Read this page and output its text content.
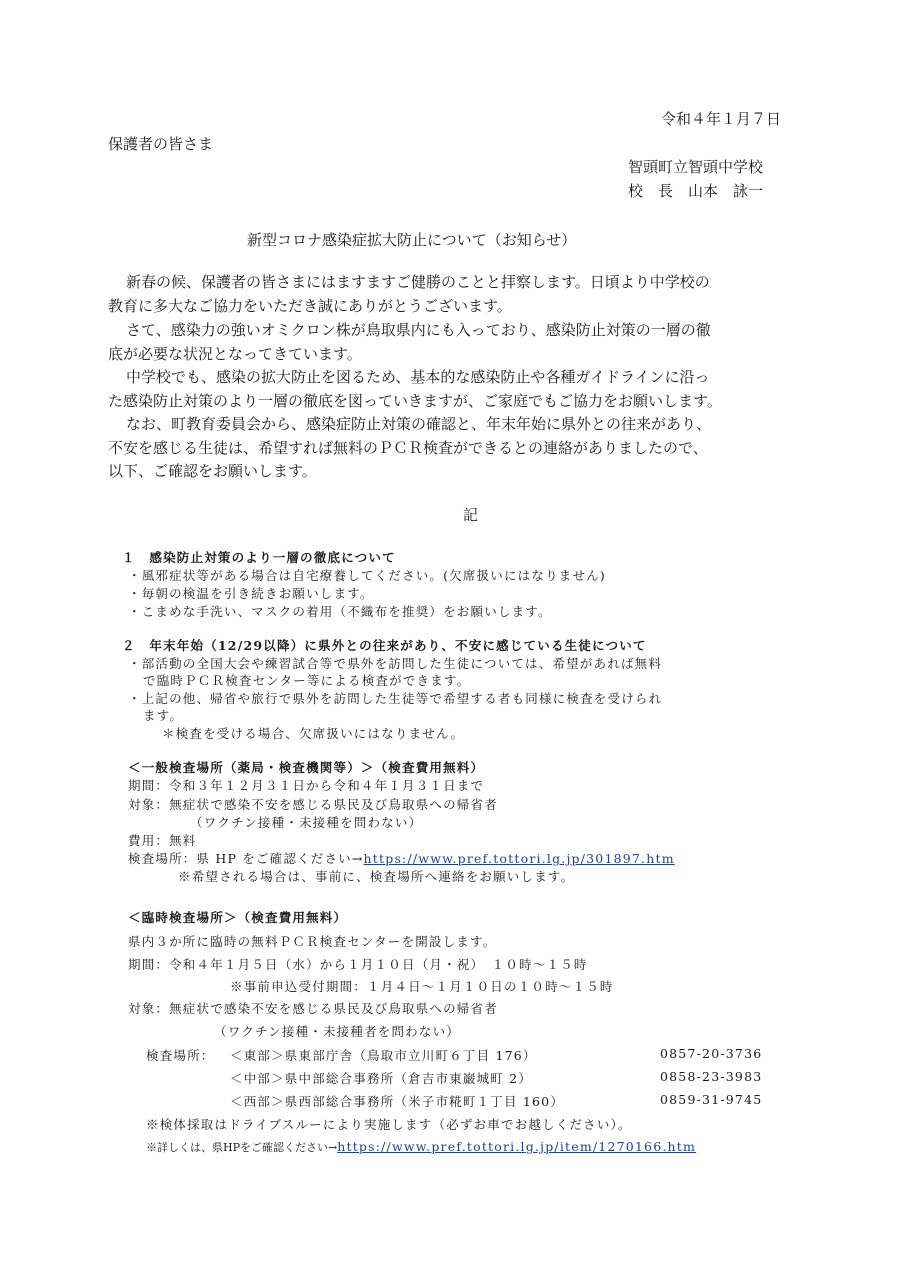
令和４年１月７日
保護者の皆さま
智頭町立智頭中学校
校　長　山本　詠一
新型コロナ感染症拡大防止について（お知らせ）
新春の候、保護者の皆さまにはますますご健勝のことと拝察します。日頃より中学校の
教育に多大なご協力をいただき誠にありがとうございます。
さて、感染力の強いオミクロン株が鳥取県内にも入っており、感染防止対策の一層の徹
底が必要な状況となってきています。
中学校でも、感染の拡大防止を図るため、基本的な感染防止や各種ガイドラインに沿っ
た感染防止対策のより一層の徹底を図っていきますが、ご家庭でもご協力をお願いします。
なお、町教育委員会から、感染症防止対策の確認と、年末年始に県外との往来があり、
不安を感じる生徒は、希望すれば無料のＰＣＲ検査ができるとの連絡がありましたので、
以下、ご確認をお願いします。
記
１　感染防止対策のより一層の徹底について
・風邪症状等がある場合は自宅療養してください。(欠席扱いにはなりません)
・毎朝の検温を引き続きお願いします。
・こまめな手洗い、マスクの着用（不織布を推奨）をお願いします。
２　年末年始（12/29以降）に県外との往来があり、不安に感じている生徒について
・部活動の全国大会や練習試合等で県外を訪問した生徒については、希望があれば無料
で臨時ＰＣＲ検査センター等による検査ができます。
・上記の他、帰省や旅行で県外を訪問した生徒等で希望する者も同様に検査を受けられ
ます。
＊検査を受ける場合、欠席扱いにはなりません。
＜一般検査場所（薬局・検査機関等）＞（検査費用無料）
期間：令和３年１２月３１日から令和４年１月３１日まで
対象：無症状で感染不安を感じる県民及び鳥取県への帰省者
（ワクチン接種・未接種を問わない）
費用：無料
検査場所：県 HP をご確認ください→https://www.pref.tottori.lg.jp/301897.htm
※希望される場合は、事前に、検査場所へ連絡をお願いします。
＜臨時検査場所＞（検査費用無料）
県内３か所に臨時の無料ＰＣＲ検査センターを開設します。
期間：令和４年１月５日（水）から１月１０日（月・祝）　１０時～１５時
※事前申込受付期間：１月４日～１月１０日の１０時～１５時
対象：無症状で感染不安を感じる県民及び鳥取県への帰省者
（ワクチン接種・未接種者を問わない）
検査場所： ＜東部＞県東部庁舎（鳥取市立川町６丁目 176）	0857-20-3736
＜中部＞県中部総合事務所（倉吉市東巌城町 2）	0858-23-3983
＜西部＞県西部総合事務所（米子市糀町１丁目 160）	0859-31-9745
※検体採取はドライブスルーにより実施します（必ずお車でお越しください）。
※詳しくは、県HPをご確認ください→https://www.pref.tottori.lg.jp/item/1270166.htm
